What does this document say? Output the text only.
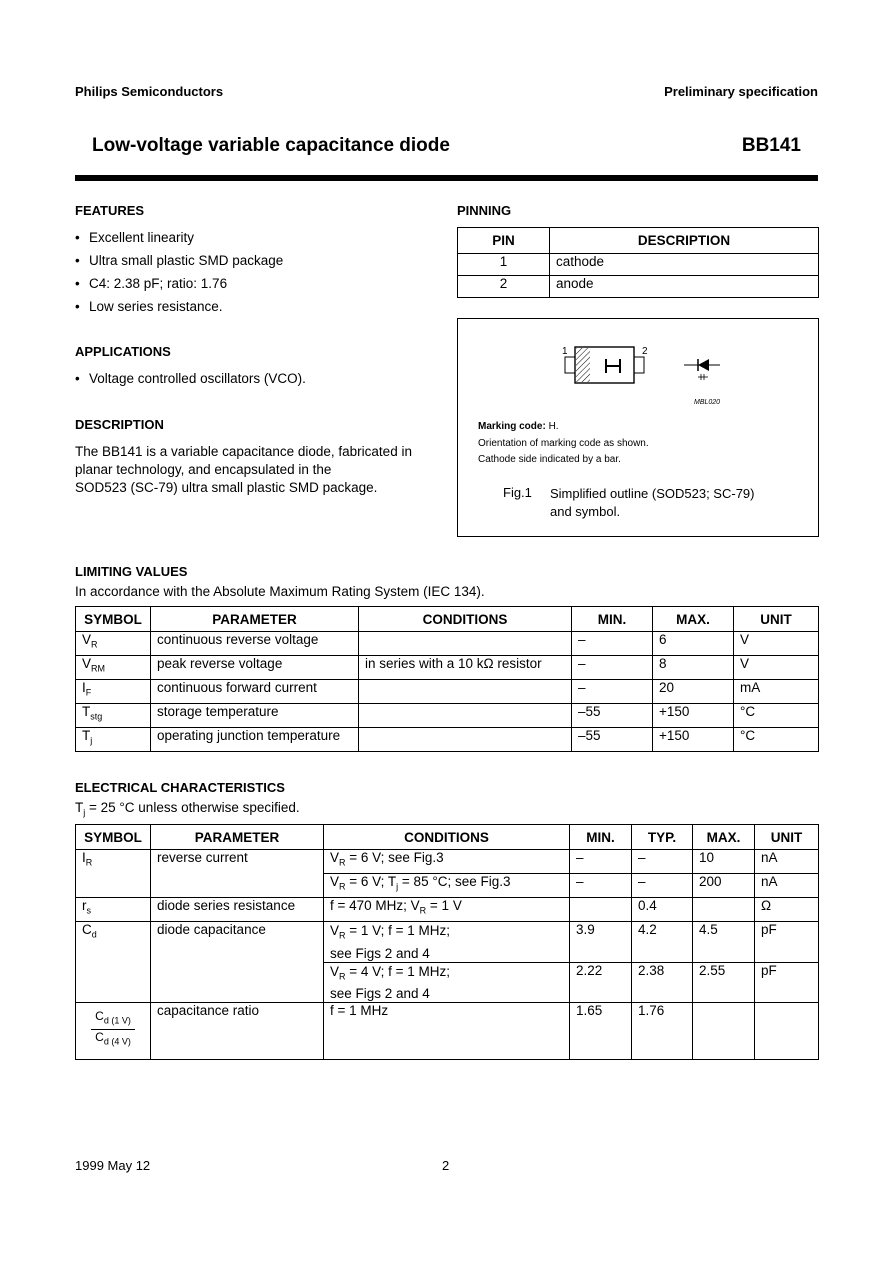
Philips Semiconductors	Preliminary specification
Low-voltage variable capacitance diode	BB141
FEATURES
• Excellent linearity
• Ultra small plastic SMD package
• C4: 2.38 pF; ratio: 1.76
• Low series resistance.
APPLICATIONS
• Voltage controlled oscillators (VCO).
DESCRIPTION
The BB141 is a variable capacitance diode, fabricated in
planar technology, and encapsulated in the
SOD523 (SC-79) ultra small plastic SMD package.
PINNING
PIN	DESCRIPTION
1	cathode
2	anode
1	2
MBL020
Marking code: H.
Orientation of marking code as shown.
Cathode side indicated by a bar.
Fig.1 Simplified outline (SOD523; SC-79)
and symbol.
LIMITING VALUES
In accordance with the Absolute Maximum Rating System (IEC 134).
SYMBOL	PARAMETER	CONDITIONS	MIN.	MAX.	UNIT
$V_R$	continuous reverse voltage		–	6	V
$V_{RM}$	peak reverse voltage	in series with a 10 kΩ resistor	–	8	V
$I_F$	continuous forward current		–	20	mA
$T_{stg}$	storage temperature		–55	+150	°C
$T_j$	operating junction temperature		–55	+150	°C
ELECTRICAL CHARACTERISTICS
$T_j = 25$ °C unless otherwise specified.
SYMBOL	PARAMETER	CONDITIONS	MIN.	TYP.	MAX.	UNIT
$I_R$	reverse current	$V_R = 6$ V; see Fig.3	–	–	10	nA
		$V_R = 6$ V; $T_j = 85$ °C; see Fig.3	–	–	200	nA
$r_s$	diode series resistance	f = 470 MHz; $V_R = 1$ V		0.4		Ω
$C_d$	diode capacitance	$V_R = 1$ V; f = 1 MHz;
see Figs 2 and 4	3.9	4.2	4.5	pF
		$V_R = 4$ V; f = 1 MHz;
see Figs 2 and 4	2.22	2.38	2.55	pF

$\frac{C_{d (1 V)}}{C_{d (4 V)}}$	capacitance ratio	f = 1 MHz	1.65	1.76		
1999 May 12	2
